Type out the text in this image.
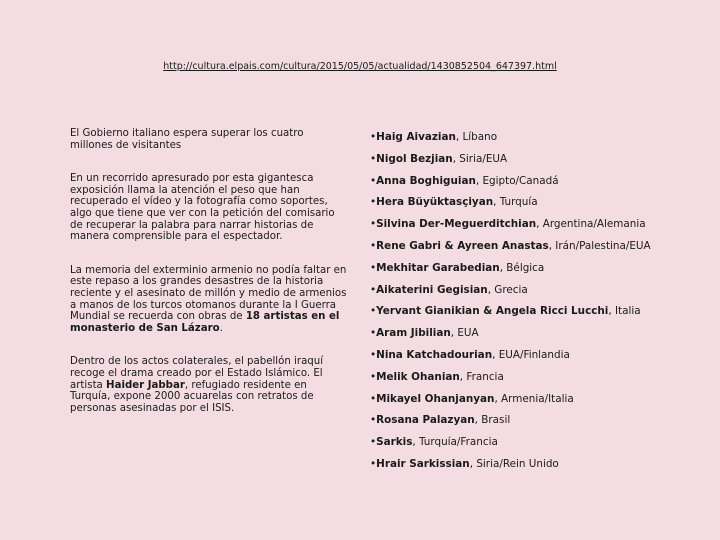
http://cultura.elpais.com/cultura/2015/05/05/actualidad/1430852504_647397.html

El Gobierno italiano espera superar los cuatro millones de visitantes

En un recorrido apresurado por esta gigantesca exposición llama la atención el peso que han recuperado el vídeo y la fotografía como soportes, algo que tiene que ver con la petición del comisario de recuperar la palabra para narrar historias de manera comprensible para el espectador.

La memoria del exterminio armenio no podía faltar en este repaso a los grandes desastres de la historia reciente y el asesinato de millón y medio de armenios a manos de los turcos otomanos durante la I Guerra Mundial se recuerda con obras de 18 artistas en el monasterio de San Lázaro.

Dentro de los actos colaterales, el pabellón iraquí recoge el drama creado por el Estado Islámico. El artista Haider Jabbar, refugiado residente en Turquía, expone 2000 acuarelas con retratos de personas asesinadas por el ISIS.

•Haig Aivazian, Líbano
•Nigol Bezjian, Siria/EUA
•Anna Boghiguian, Egipto/Canadá
•Hera Büyüktasçiyan, Turquía
•Silvina Der-Meguerditchian, Argentina/Alemania
•Rene Gabri & Ayreen Anastas, Irán/Palestina/EUA
•Mekhitar Garabedian, Bélgica
•Aikaterini Gegisian, Grecia
•Yervant Gianikian & Angela Ricci Lucchi, Italia
•Aram Jibilian, EUA
•Nina Katchadourian, EUA/Finlandia
•Melik Ohanian, Francia
•Mikayel Ohanjanyan, Armenia/Italia
•Rosana Palazyan, Brasil
•Sarkis, Turquía/Francia
•Hrair Sarkissian, Siria/Rein Unido
